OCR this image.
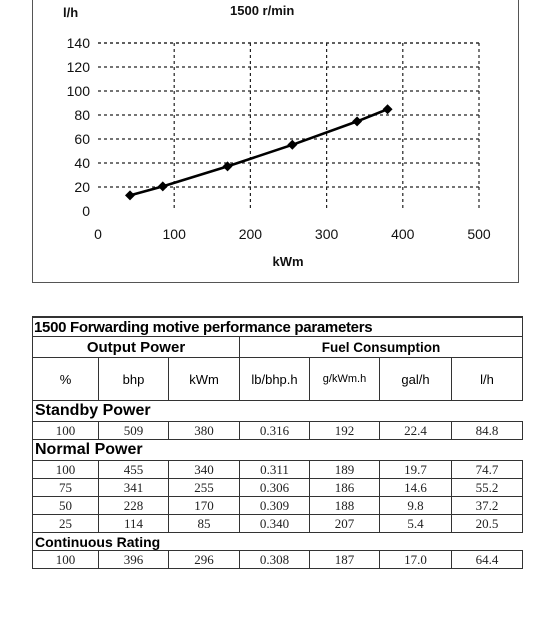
0
20
40
60
80
100
120
140
0	100	200	300	400	500
l/h	1500 r/min
kWm
1500 Forwarding motive performance parameters						
Output Power			Fuel Consumption			
%	bhp	kWm	lb/bhp.h	g/kWm.h	gal/h	l/h
Standby Power						
100	509	380	0.316	192	22.4	84.8
Normal Power						
100	455	340	0.311	189	19.7	74.7
75	341	255	0.306	186	14.6	55.2
50	228	170	0.309	188	9.8	37.2
25	114	85	0.340	207	5.4	20.5
Continuous Rating						
100	396	296	0.308	187	17.0	64.4
